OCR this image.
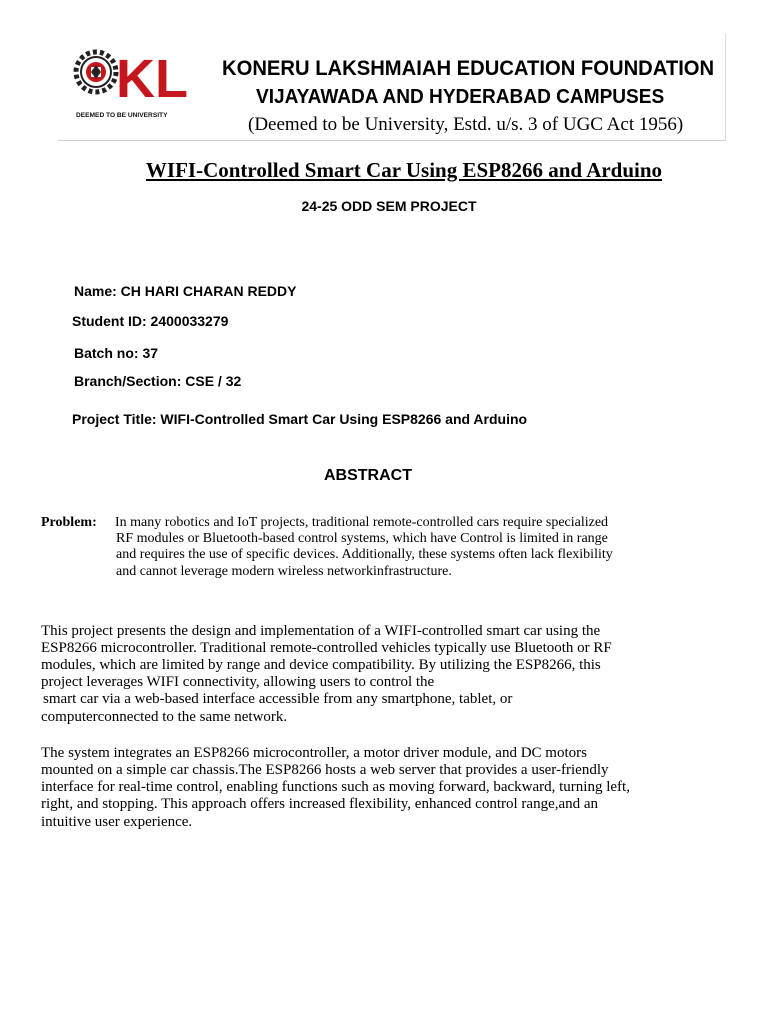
KL
DEEMED TO BE UNIVERSITY
KONERU LAKSHMAIAH EDUCATION FOUNDATION
VIJAYAWADA AND HYDERABAD CAMPUSES
(Deemed to be University, Estd. u/s. 3 of UGC Act 1956)
WIFI-Controlled Smart Car Using ESP8266 and Arduino
24-25 ODD SEM PROJECT
Name: CH HARI CHARAN REDDY
Student ID: 2400033279
Batch no: 37
Branch/Section: CSE / 32
Project Title: WIFI-Controlled Smart Car Using ESP8266 and Arduino
ABSTRACT
Problem: In many robotics and IoT projects, traditional remote-controlled cars require specialized
RF modules or Bluetooth-based control systems, which have Control is limited in range
and requires the use of specific devices. Additionally, these systems often lack flexibility
and cannot leverage modern wireless networkinfrastructure.
This project presents the design and implementation of a WIFI-controlled smart car using the
ESP8266 microcontroller. Traditional remote-controlled vehicles typically use Bluetooth or RF
modules, which are limited by range and device compatibility. By utilizing the ESP8266, this
project leverages WIFI connectivity, allowing users to control the
smart car via a web-based interface accessible from any smartphone, tablet, or
computerconnected to the same network.
The system integrates an ESP8266 microcontroller, a motor driver module, and DC motors
mounted on a simple car chassis.The ESP8266 hosts a web server that provides a user-friendly
interface for real-time control, enabling functions such as moving forward, backward, turning left,
right, and stopping. This approach offers increased flexibility, enhanced control range,and an
intuitive user experience.
